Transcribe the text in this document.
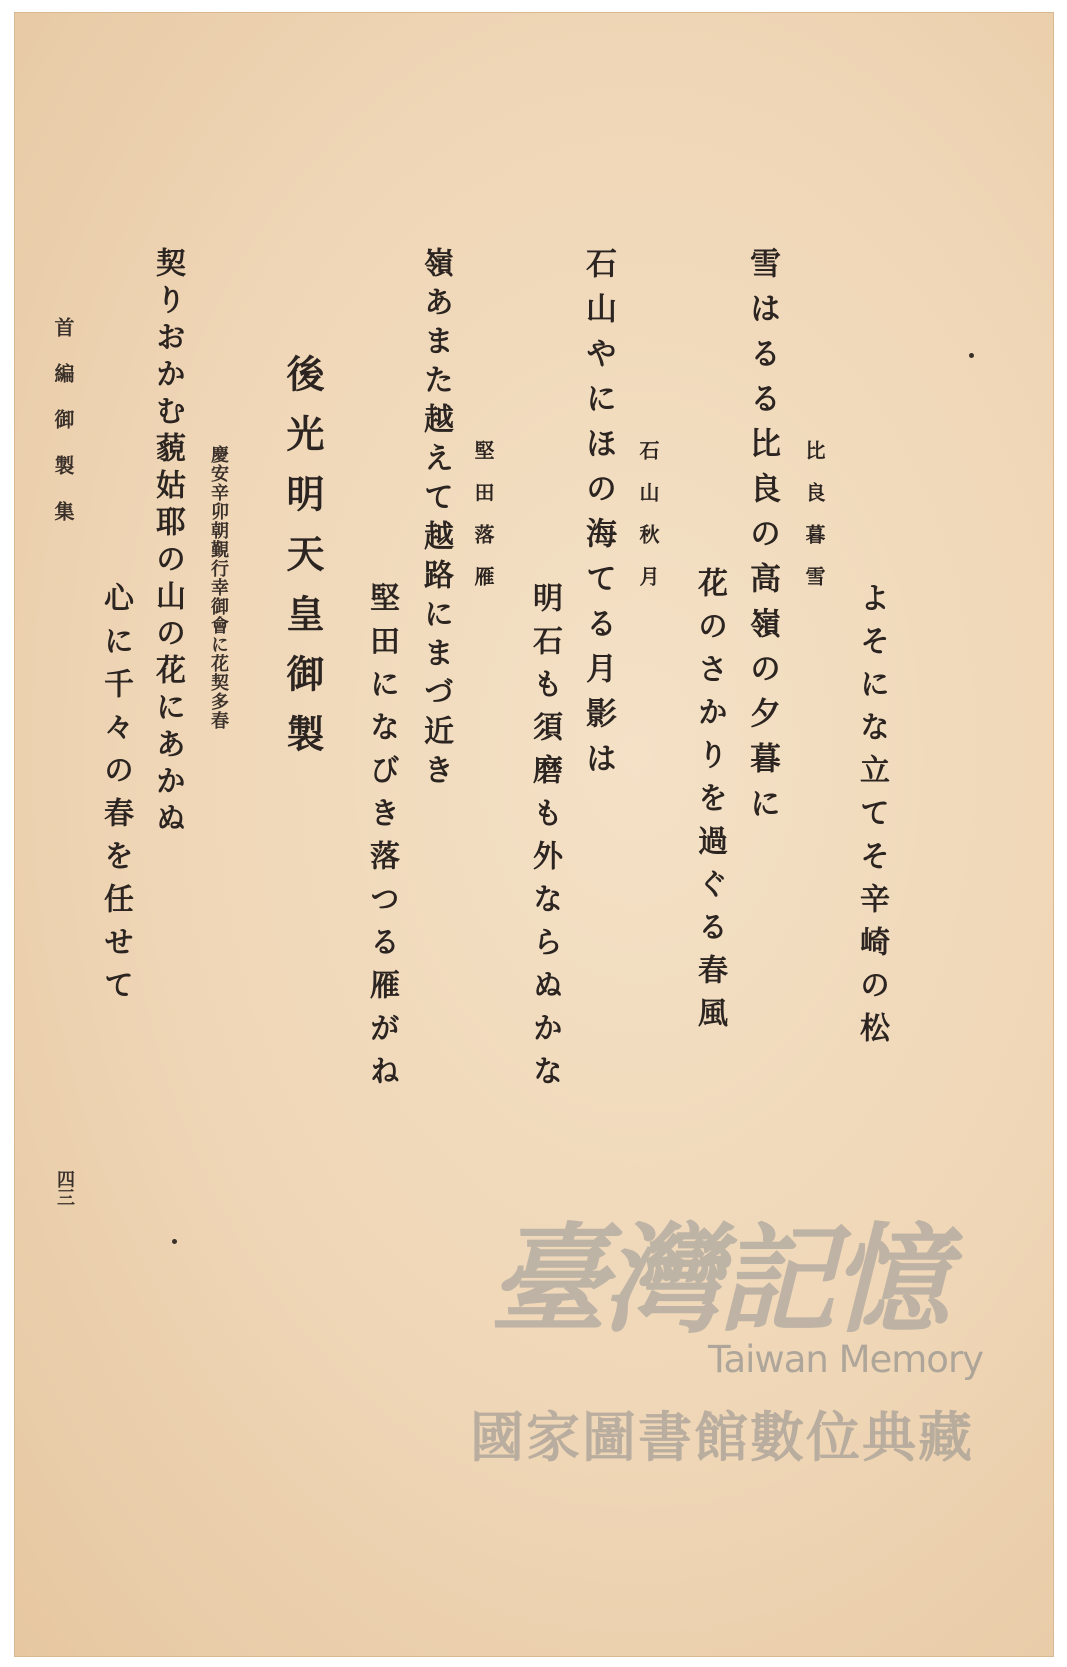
よそにな立てそ辛崎の松
比良暮雪
雪はるる比良の高嶺の夕暮に
花のさかりを過ぐる春風
石山秋月
石山やにほの海てる月影は
明石も須磨も外ならぬかな
堅田落雁
嶺あまた越えて越路にまづ近き
堅田になびき落つる雁がね
後光明天皇御製
慶安辛卯朝覲行幸御會に花契多春
契りおかむ藐姑耶の山の花にあかぬ
心に千々の春を任せて
首編御製集
四三
臺灣記憶
Taiwan Memory
國家圖書館數位典藏
